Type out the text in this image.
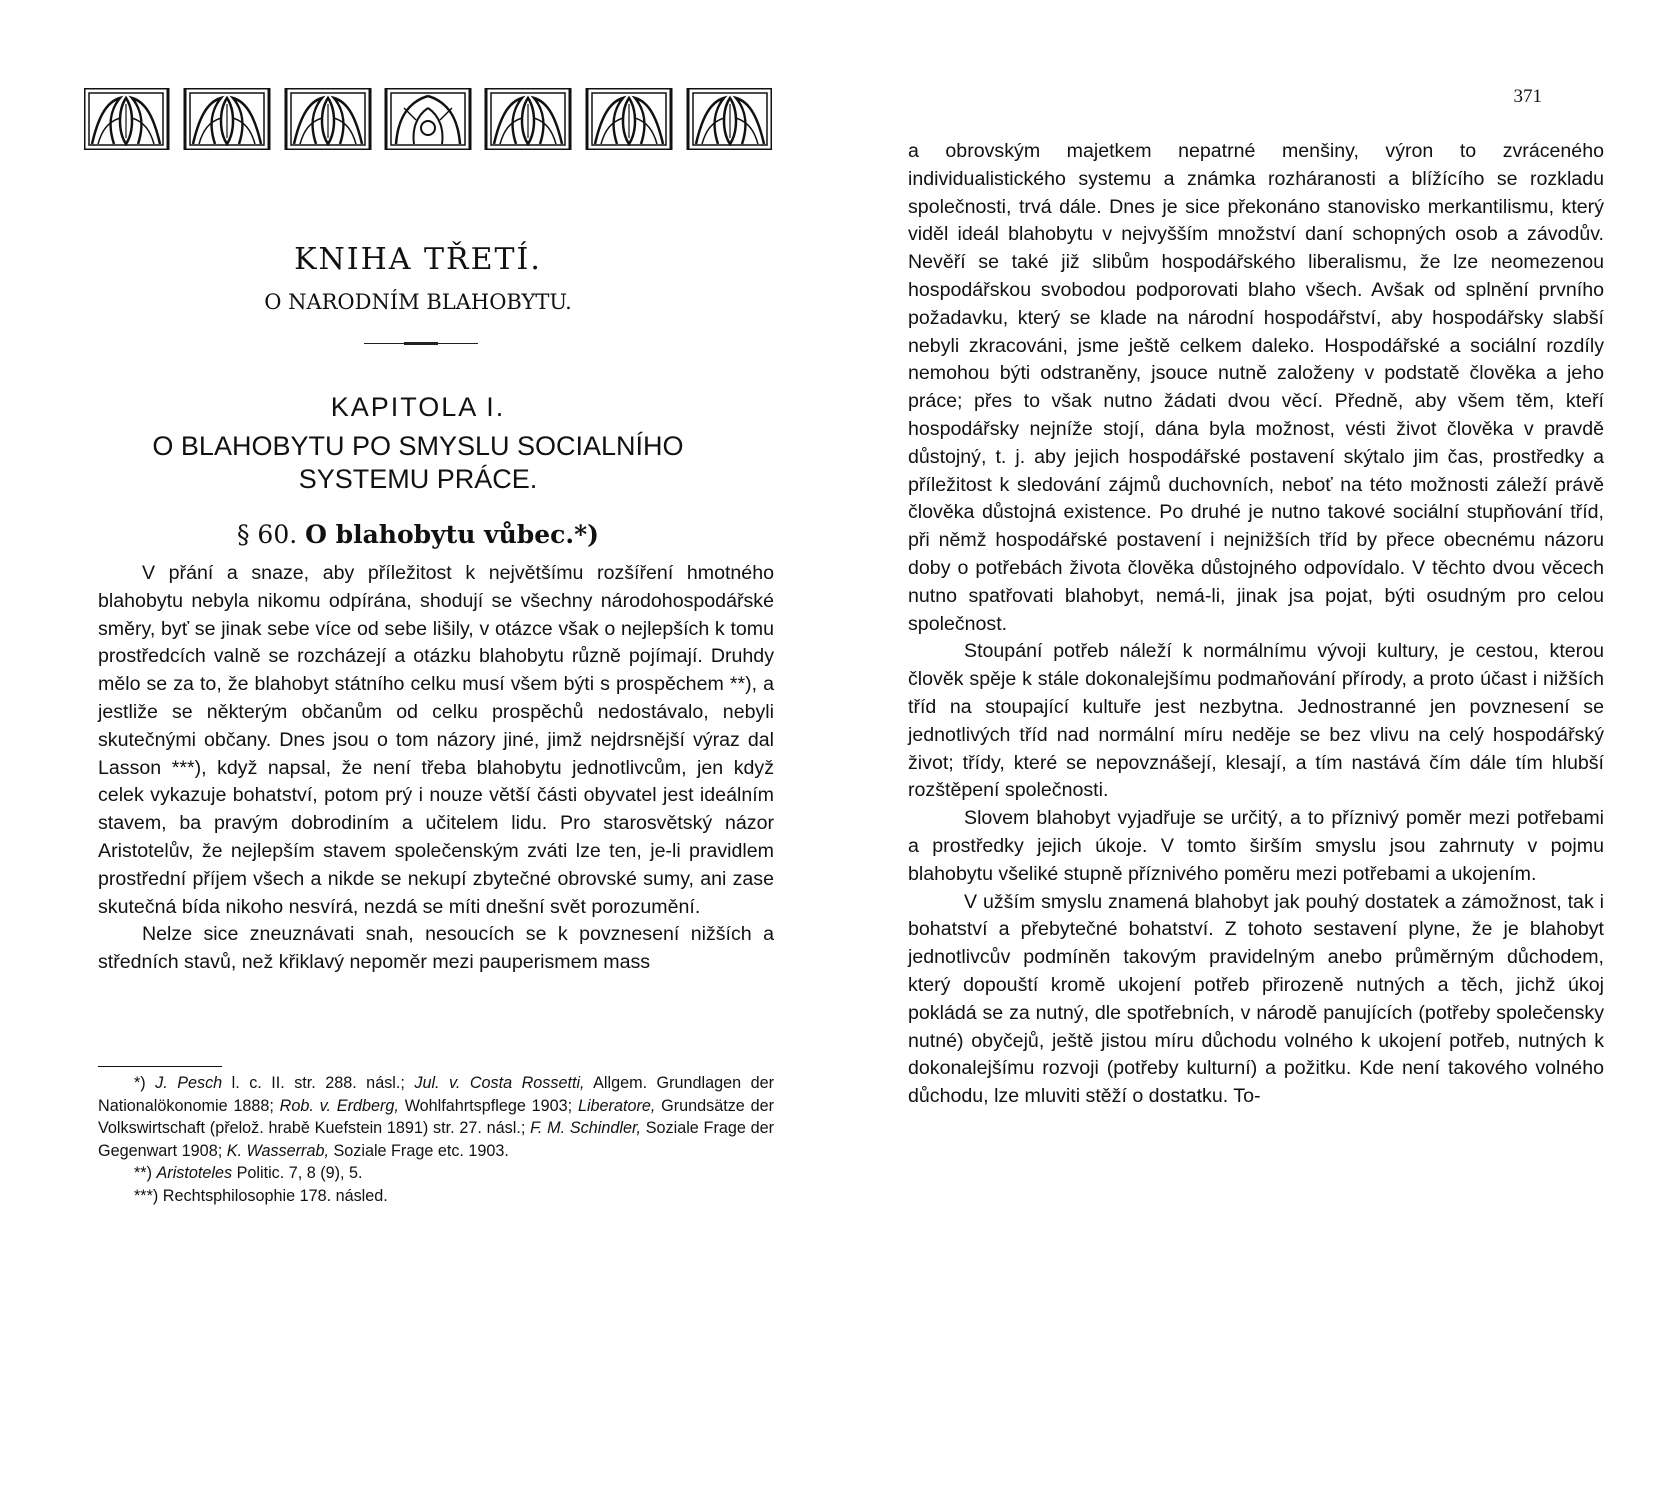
KNIHA TŘETÍ.
O NARODNÍM BLAHOBYTU.
KAPITOLA I.
O BLAHOBYTU PO SMYSLU SOCIALNÍHO
SYSTEMU PRÁCE.
§ 60. O blahobytu vůbec.*)

V přání a snaze, aby příležitost k největšímu rozšíření hmotného blahobytu nebyla nikomu odpírána, shodují se všechny národohospodářské směry, byť se jinak sebe více od sebe lišily, v otázce však o nejlepších k tomu prostředcích valně se rozcházejí a otázku blahobytu různě pojímají. Druhdy mělo se za to, že blahobyt státního celku musí všem býti s prospěchem **), a jestliže se některým občanům od celku prospěchů nedostávalo, nebyli skutečnými občany. Dnes jsou o tom názory jiné, jimž nejdrsnější výraz dal Lasson ***), když napsal, že není třeba blahobytu jednotlivcům, jen když celek vykazuje bohatství, potom prý i nouze větší části obyvatel jest ideálním stavem, ba pravým dobrodiním a učitelem lidu. Pro starosvětský názor Aristotelův, že nejlepším stavem společenským zváti lze ten, je-li pravidlem prostřední příjem všech a nikde se nekupí zbytečné obrovské sumy, ani zase skutečná bída nikoho nesvírá, nezdá se míti dnešní svět porozumění.

Nelze sice zneuznávati snah, nesoucích se k povznesení nižších a středních stavů, než křiklavý nepoměr mezi pauperismem mass

*) J. Pesch l. c. II. str. 288. násl.; Jul. v. Costa Rossetti, Allgem. Grundlagen der Nationalökonomie 1888; Rob. v. Erdberg, Wohlfahrtspflege 1903; Liberatore, Grundsätze der Volkswirtschaft (přelož. hrabě Kuefstein 1891) str. 27. násl.; F. M. Schindler, Soziale Frage der Gegenwart 1908; K. Wasserrab, Soziale Frage etc. 1903.

**) Aristoteles Politic. 7, 8 (9), 5.

***) Rechtsphilosophie 178. násled.

371

a obrovským majetkem nepatrné menšiny, výron to zvráceného individualistického systemu a známka rozháranosti a blížícího se rozkladu společnosti, trvá dále. Dnes je sice překonáno stanovisko merkantilismu, který viděl ideál blahobytu v nejvyšším množství daní schopných osob a závodův. Nevěří se také již slibům hospodářského liberalismu, že lze neomezenou hospodářskou svobodou podporovati blaho všech. Avšak od splnění prvního požadavku, který se klade na národní hospodářství, aby hospodářsky slabší nebyli zkracováni, jsme ještě celkem daleko. Hospodářské a sociální rozdíly nemohou býti odstraněny, jsouce nutně založeny v podstatě člověka a jeho práce; přes to však nutno žádati dvou věcí. Předně, aby všem těm, kteří hospodářsky nejníže stojí, dána byla možnost, vésti život člověka v pravdě důstojný, t. j. aby jejich hospodářské postavení skýtalo jim čas, prostředky a příležitost k sledování zájmů duchovních, neboť na této možnosti záleží právě člověka důstojná existence. Po druhé je nutno takové sociální stupňování tříd, při němž hospodářské postavení i nejnižších tříd by přece obecnému názoru doby o potřebách života člověka důstojného odpovídalo. V těchto dvou věcech nutno spatřovati blahobyt, nemá-li, jinak jsa pojat, býti osudným pro celou společnost.

Stoupání potřeb náleží k normálnímu vývoji kultury, je cestou, kterou člověk spěje k stále dokonalejšímu podmaňování přírody, a proto účast i nižších tříd na stoupající kultuře jest nezbytna. Jednostranné jen povznesení se jednotlivých tříd nad normální míru neděje se bez vlivu na celý hospodářský život; třídy, které se nepovznášejí, klesají, a tím nastává čím dále tím hlubší rozštěpení společnosti.

Slovem blahobyt vyjadřuje se určitý, a to příznivý poměr mezi potřebami a prostředky jejich úkoje. V tomto širším smyslu jsou zahrnuty v pojmu blahobytu všeliké stupně příznivého poměru mezi potřebami a ukojením.

V užším smyslu znamená blahobyt jak pouhý dostatek a zámožnost, tak i bohatství a přebytečné bohatství. Z tohoto sestavení plyne, že je blahobyt jednotlivcův podmíněn takovým pravidelným anebo průměrným důchodem, který dopouští kromě ukojení potřeb přirozeně nutných a těch, jichž úkoj pokládá se za nutný, dle spotřebních, v národě panujících (potřeby společensky nutné) obyčejů, ještě jistou míru důchodu volného k ukojení potřeb, nutných k dokonalejšímu rozvoji (potřeby kulturní) a požitku. Kde není takového volného důchodu, lze mluviti stěží o dostatku. To-
